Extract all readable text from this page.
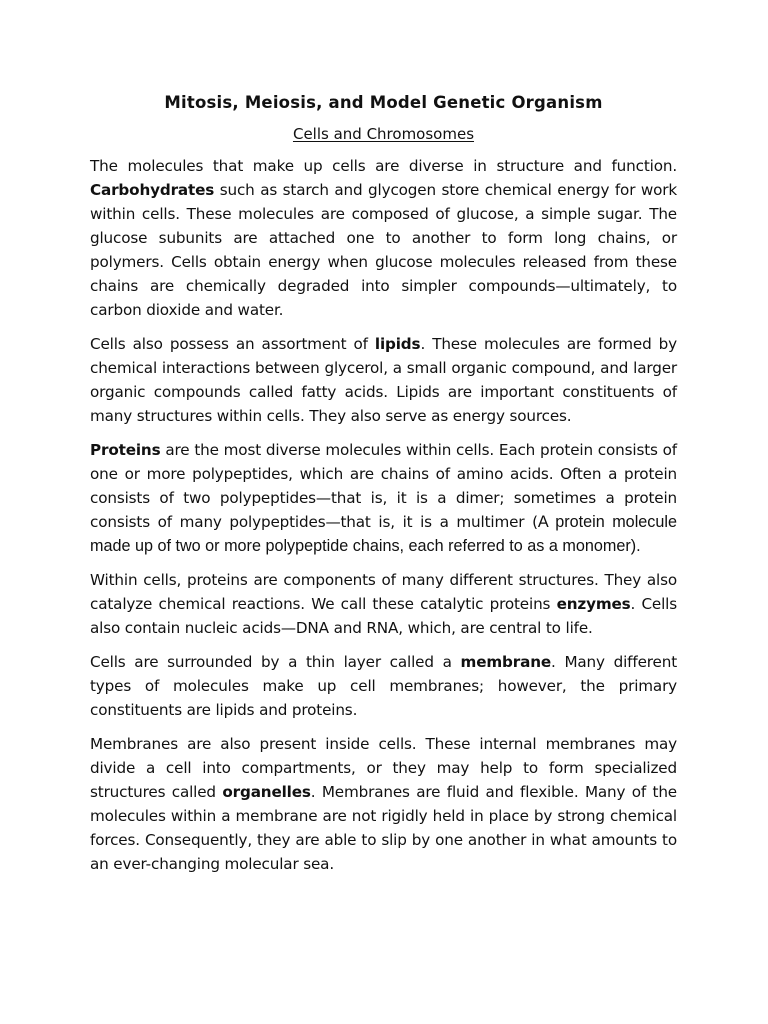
Mitosis, Meiosis, and Model Genetic Organism

Cells and Chromosomes

The molecules that make up cells are diverse in structure and function. Carbohydrates such as starch and glycogen store chemical energy for work within cells. These molecules are composed of glucose, a simple sugar. The glucose subunits are attached one to another to form long chains, or polymers. Cells obtain energy when glucose molecules released from these chains are chemically degraded into simpler compounds—ultimately, to carbon dioxide and water.

Cells also possess an assortment of lipids. These molecules are formed by chemical interactions between glycerol, a small organic compound, and larger organic compounds called fatty acids. Lipids are important constituents of many structures within cells. They also serve as energy sources.

Proteins are the most diverse molecules within cells. Each protein consists of one or more polypeptides, which are chains of amino acids. Often a protein consists of two polypeptides—that is, it is a dimer; sometimes a protein consists of many polypeptides—that is, it is a multimer (A protein molecule made up of two or more polypeptide chains, each referred to as a monomer).

Within cells, proteins are components of many different structures. They also catalyze chemical reactions. We call these catalytic proteins enzymes. Cells also contain nucleic acids—DNA and RNA, which, are central to life.

Cells are surrounded by a thin layer called a membrane. Many different types of molecules make up cell membranes; however, the primary constituents are lipids and proteins.

Membranes are also present inside cells. These internal membranes may divide a cell into compartments, or they may help to form specialized structures called organelles. Membranes are fluid and flexible. Many of the molecules within a membrane are not rigidly held in place by strong chemical forces. Consequently, they are able to slip by one another in what amounts to an ever-changing molecular sea.
